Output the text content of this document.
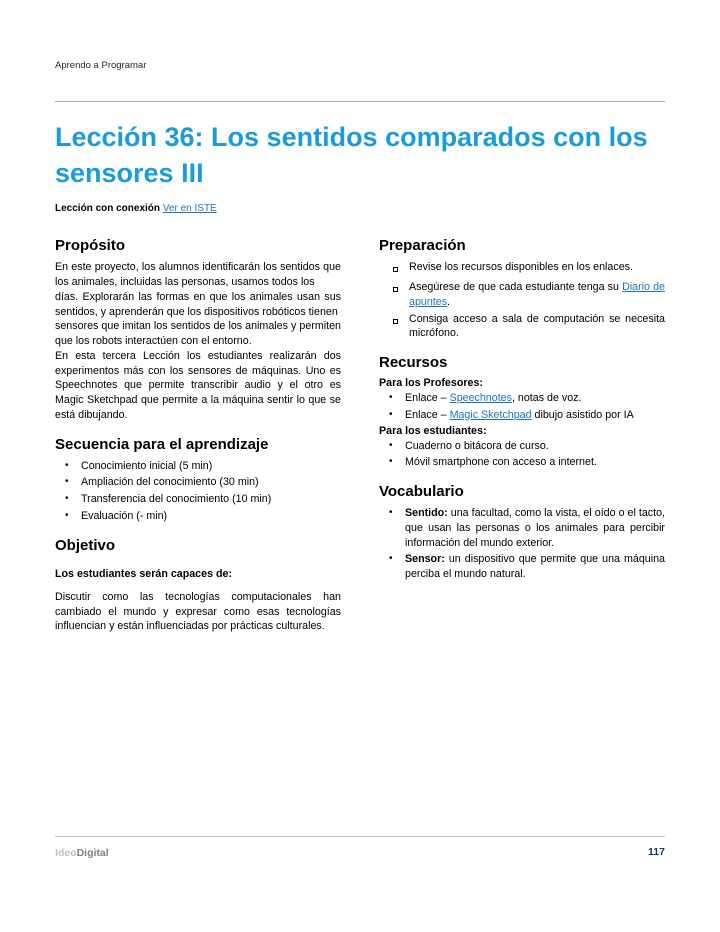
Aprendo a Programar
Lección 36: Los sentidos comparados con los sensores III
Lección con conexión Ver en ISTE
Propósito
En este proyecto, los alumnos identificarán los sentidos que los animales, incluidas las personas, usamos todos los
días. Explorarán las formas en que los animales usan sus sentidos, y aprenderán que los dispositivos robóticos tienen
sensores que imitan los sentidos de los animales y permiten que los robots interactúen con el entorno.
En esta tercera Lección los estudiantes realizarán dos experimentos más con los sensores de máquinas. Uno es Speechnotes que permite transcribir audio y el otro es Magic Sketchpad que permite a la máquina sentir lo que se está dibujando.
Secuencia para el aprendizaje
•	Conocimiento inicial (5 min)
•	Ampliación del conocimiento (30 min)
•	Transferencia del conocimiento (10 min)
•	Evaluación (- min)
Objetivo
Los estudiantes serán capaces de:
Discutir como las tecnologías computacionales han cambiado el mundo y expresar como esas tecnologías influencian y están influenciadas por prácticas culturales.
Preparación
Revise los recursos disponibles en los enlaces.
Asegúrese de que cada estudiante tenga su Diario de apuntes.
Consiga acceso a sala de computación se necesita micrófono.
Recursos
Para los Profesores:
•	Enlace – Speechnotes, notas de voz.
•	Enlace – Magic Sketchpad dibujo asistido por IA
Para los estudiantes:
•	Cuaderno o bitácora de curso.
•	Móvil smartphone con acceso a internet.
Vocabulario
•	Sentido: una facultad, como la vista, el oído o el tacto, que usan las personas o los animales para percibir información del mundo exterior.
•	Sensor: un dispositivo que permite que una máquina perciba el mundo natural.
IdeoDigital	117
